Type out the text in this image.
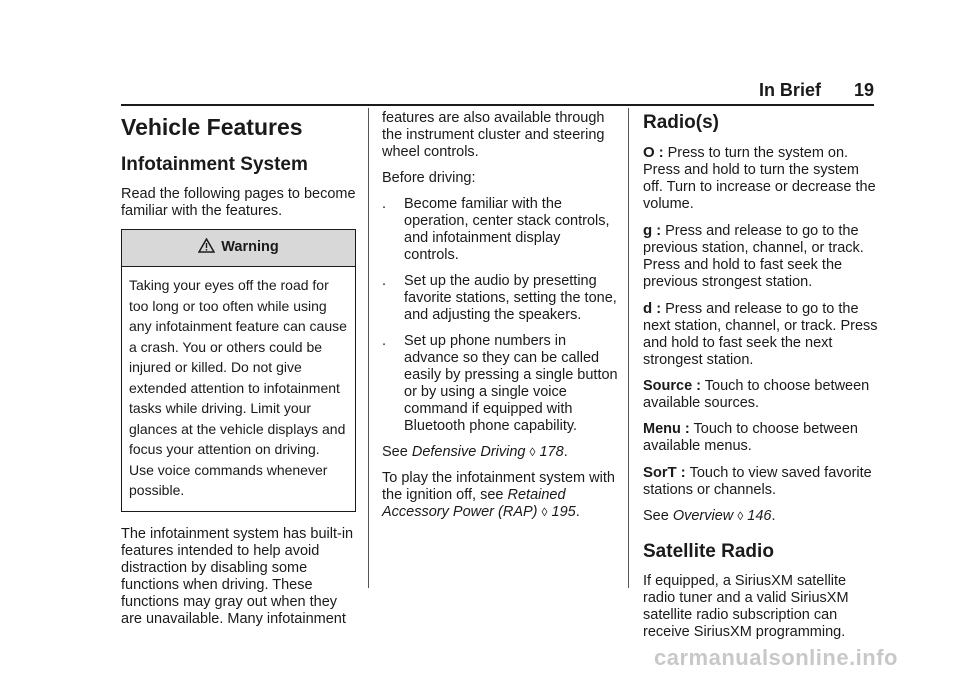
In Brief 19
Vehicle Features
Infotainment System

Read the following pages to become familiar with the features.

Warning
Taking your eyes off the road for too long or too often while using any infotainment feature can cause a crash. You or others could be injured or killed. Do not give extended attention to infotainment tasks while driving. Limit your glances at the vehicle displays and focus your attention on driving. Use voice commands whenever possible.

The infotainment system has built-in features intended to help avoid distraction by disabling some functions when driving. These functions may gray out when they are unavailable. Many infotainment

features are also available through the instrument cluster and steering wheel controls.

Before driving:

. Become familiar with the operation, center stack controls, and infotainment display controls.
. Set up the audio by presetting favorite stations, setting the tone, and adjusting the speakers.
. Set up phone numbers in advance so they can be called easily by pressing a single button or by using a single voice command if equipped with Bluetooth phone capability.

See Defensive Driving ◊ 178.

To play the infotainment system with the ignition off, see Retained Accessory Power (RAP) ◊ 195.

Radio(s)

O : Press to turn the system on. Press and hold to turn the system off. Turn to increase or decrease the volume.

g : Press and release to go to the previous station, channel, or track. Press and hold to fast seek the previous strongest station.

d : Press and release to go to the next station, channel, or track. Press and hold to fast seek the next strongest station.

Source : Touch to choose between available sources.

Menu : Touch to choose between available menus.

SorT : Touch to view saved favorite stations or channels.

See Overview ◊ 146.

Satellite Radio

If equipped, a SiriusXM satellite radio tuner and a valid SiriusXM satellite radio subscription can receive SiriusXM programming.

carmanualsonline.info
